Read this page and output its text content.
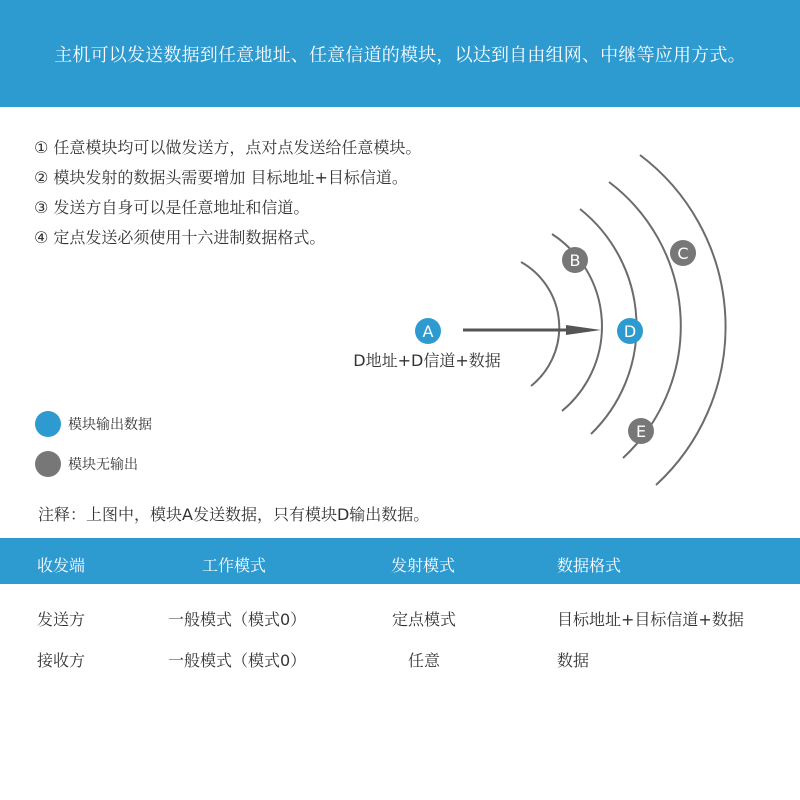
主机可以发送数据到任意地址、任意信道的模块，以达到自由组网、中继等应用方式。
① 任意模块均可以做发送方，点对点发送给任意模块。
② 模块发射的数据头需要增加 目标地址+目标信道。
③ 发送方自身可以是任意地址和信道。
④ 定点发送必须使用十六进制数据格式。
A
B	C
D
E
D地址+D信道+数据
模块输出数据
模块无输出
注释：上图中，模块A发送数据，只有模块D输出数据。
收发端	工作模式	发射模式	数据格式
发送方	一般模式（模式0）	定点模式	目标地址+目标信道+数据
接收方	一般模式（模式0）	任意	数据
